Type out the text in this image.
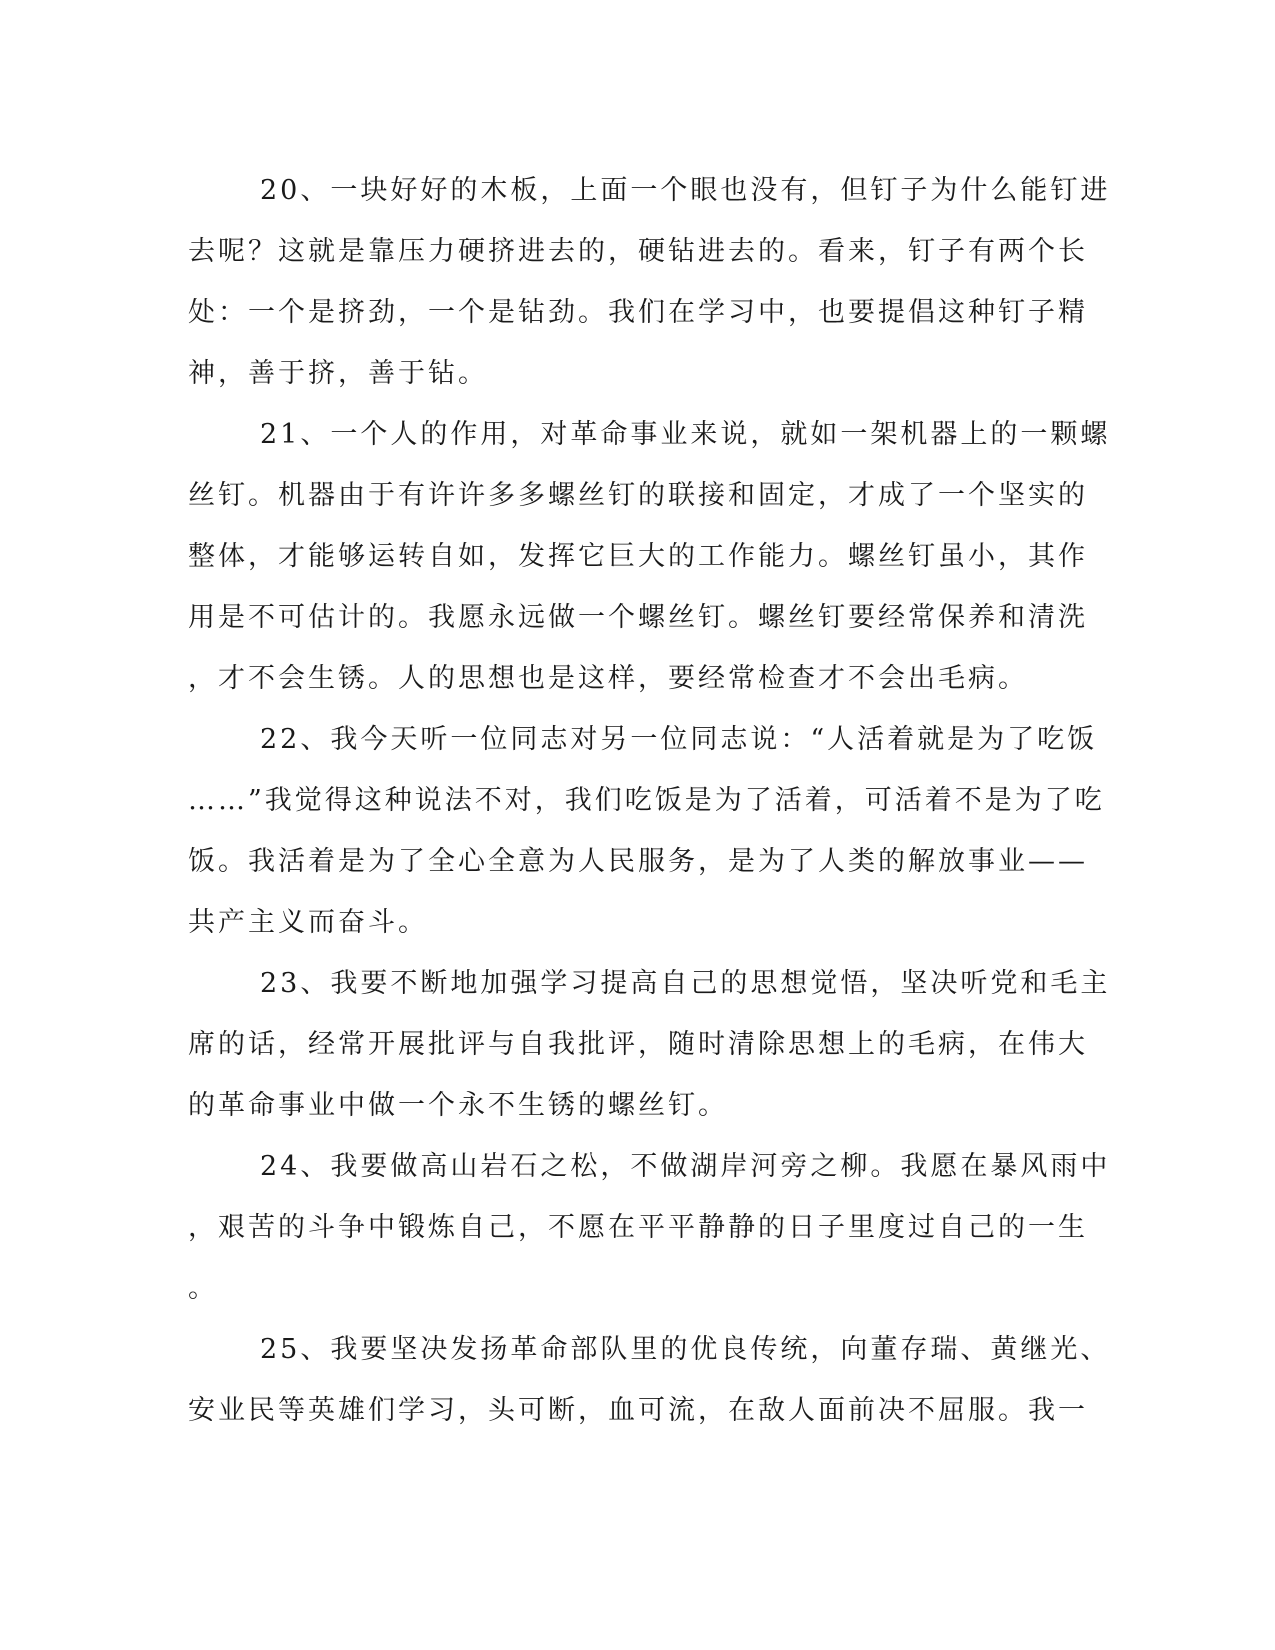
20、一块好好的木板，上面一个眼也没有，但钉子为什么能钉进
去呢？这就是靠压力硬挤进去的，硬钻进去的。看来，钉子有两个长
处：一个是挤劲，一个是钻劲。我们在学习中，也要提倡这种钉子精
神，善于挤，善于钻。
21、一个人的作用，对革命事业来说，就如一架机器上的一颗螺
丝钉。机器由于有许许多多螺丝钉的联接和固定，才成了一个坚实的
整体，才能够运转自如，发挥它巨大的工作能力。螺丝钉虽小，其作
用是不可估计的。我愿永远做一个螺丝钉。螺丝钉要经常保养和清洗
，才不会生锈。人的思想也是这样，要经常检查才不会出毛病。
22、我今天听一位同志对另一位同志说：“人活着就是为了吃饭
……”我觉得这种说法不对，我们吃饭是为了活着，可活着不是为了吃
饭。我活着是为了全心全意为人民服务，是为了人类的解放事业——
共产主义而奋斗。
23、我要不断地加强学习提高自己的思想觉悟，坚决听党和毛主
席的话，经常开展批评与自我批评，随时清除思想上的毛病，在伟大
的革命事业中做一个永不生锈的螺丝钉。
24、我要做高山岩石之松，不做湖岸河旁之柳。我愿在暴风雨中
，艰苦的斗争中锻炼自己，不愿在平平静静的日子里度过自己的一生
。
25、我要坚决发扬革命部队里的优良传统，向董存瑞、黄继光、
安业民等英雄们学习，头可断，血可流，在敌人面前决不屈服。我一
